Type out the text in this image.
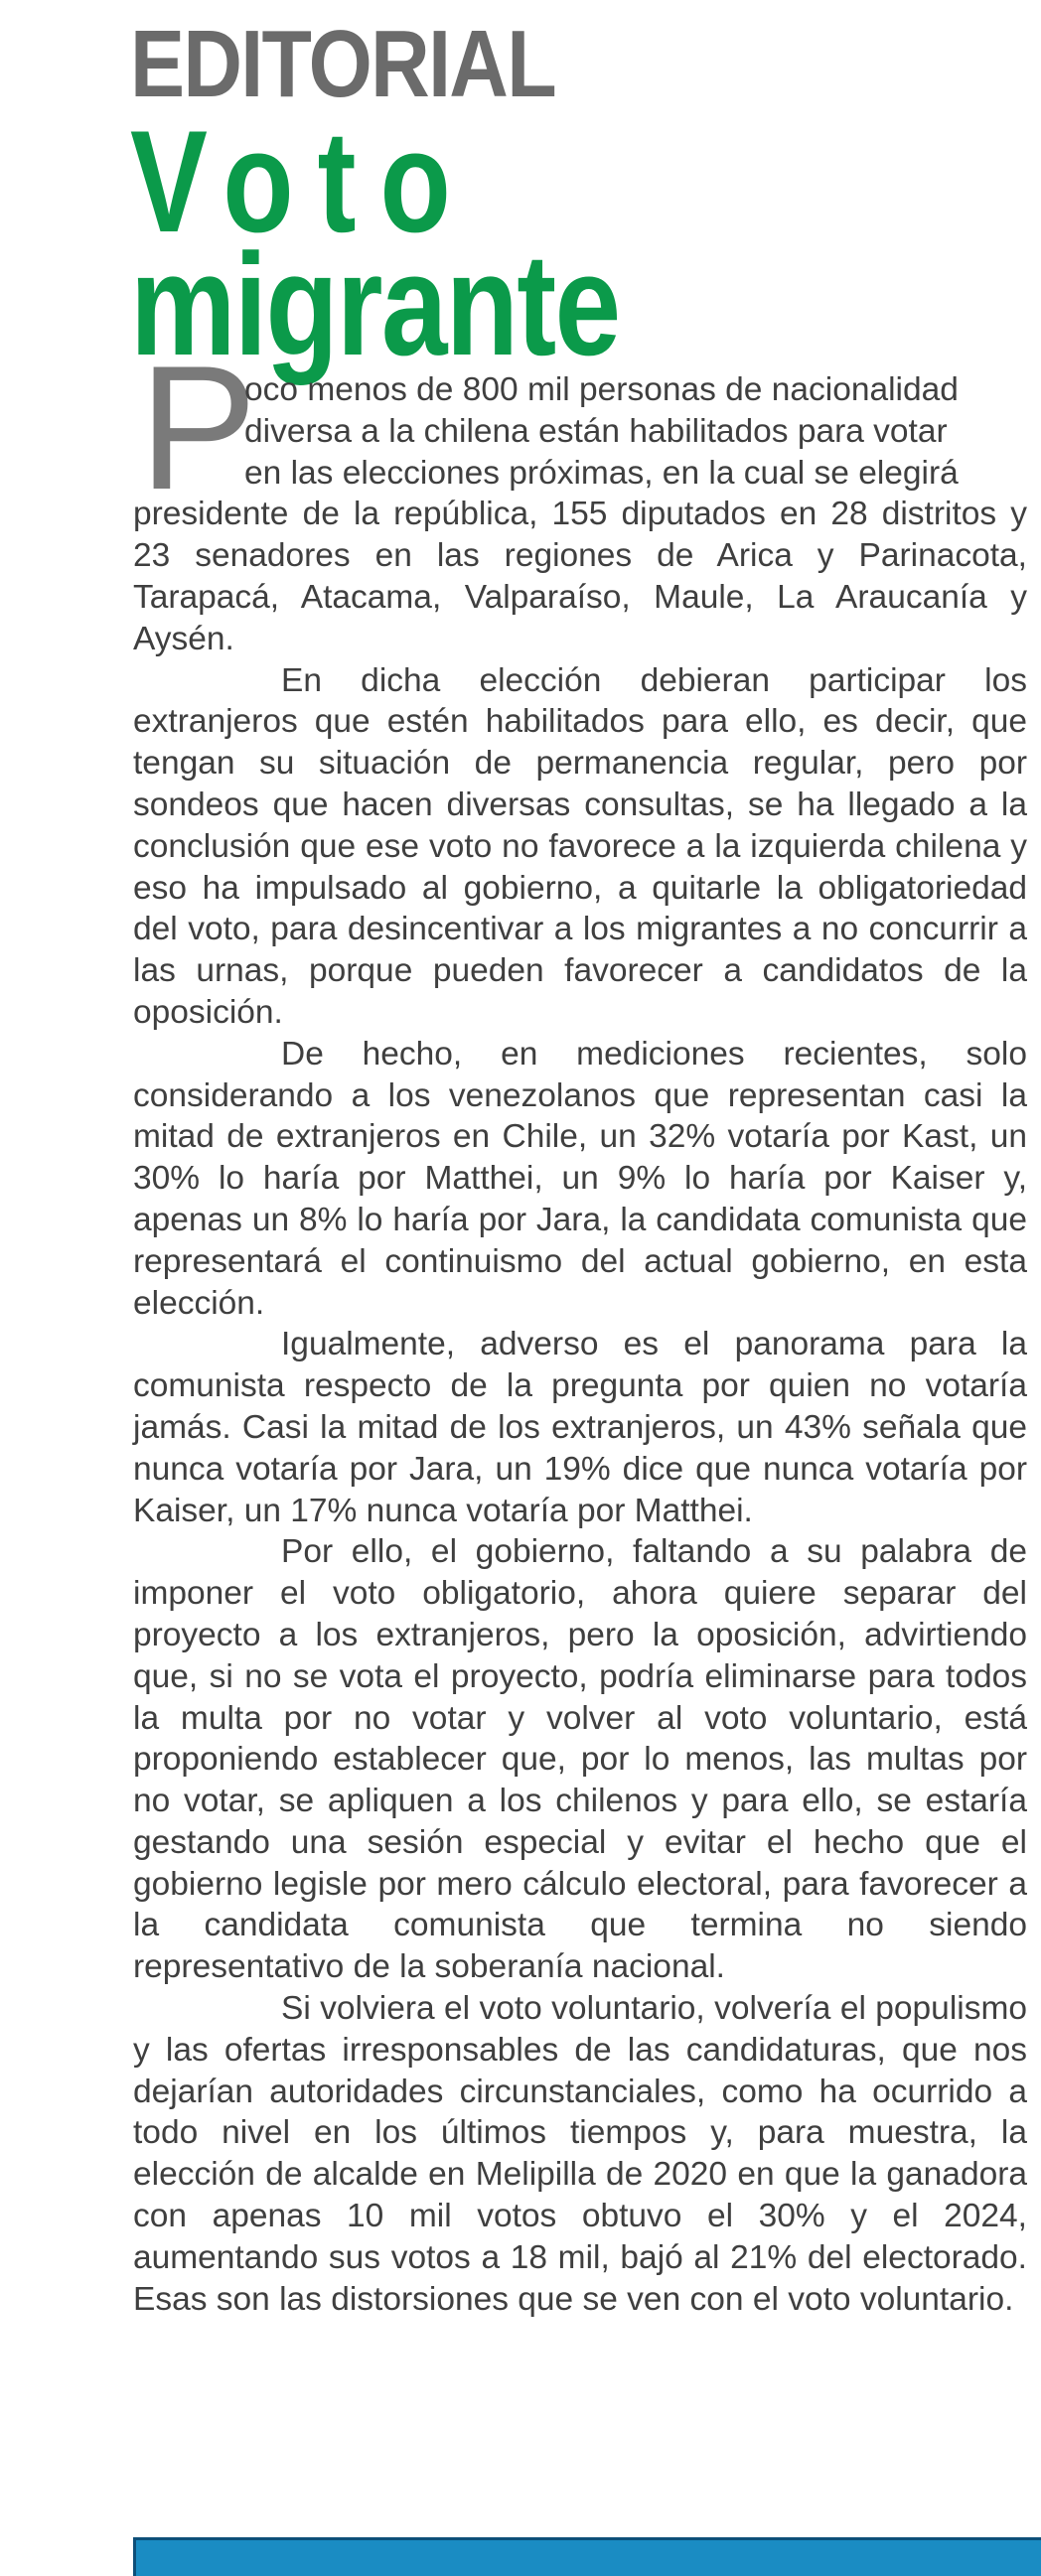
EDITORIAL
Voto
migrante
P

oco menos de 800 mil personas de nacionalidad

diversa a la chilena están habilitados para votar

en las elecciones próximas, en la cual se elegirá

presidente de la república, 155 diputados en 28 distritos y 23 senadores en las regiones de Arica y Parinacota, Tarapacá, Atacama, Valparaíso, Maule, La Araucanía y Aysén.

En dicha elección debieran participar los extranjeros que estén habilitados para ello, es decir, que tengan su situación de permanencia regular, pero por sondeos que hacen diversas consultas, se ha llegado a la conclusión que ese voto no favorece a la izquierda chilena y eso ha impulsado al gobierno, a quitarle la obligatoriedad del voto, para desincentivar a los migrantes a no concurrir a las urnas, porque pueden favorecer a candidatos de la oposición.

De hecho, en mediciones recientes, solo considerando a los venezolanos que representan casi la mitad de extranjeros en Chile, un 32% votaría por Kast, un 30% lo haría por Matthei, un 9% lo haría por Kaiser y, apenas un 8% lo haría por Jara, la candidata comunista que representará el continuismo del actual gobierno, en esta elección.

Igualmente, adverso es el panorama para la comunista respecto de la pregunta por quien no votaría jamás. Casi la mitad de los extranjeros, un 43% señala que nunca votaría por Jara, un 19% dice que nunca votaría por Kaiser, un 17% nunca votaría por Matthei.

Por ello, el gobierno, faltando a su palabra de imponer el voto obligatorio, ahora quiere separar del proyecto a los extranjeros, pero la oposición, advirtiendo que, si no se vota el proyecto, podría eliminarse para todos la multa por no votar y volver al voto voluntario, está proponiendo establecer que, por lo menos, las multas por no votar, se apliquen a los chilenos y para ello, se estaría gestando una sesión especial y evitar el hecho que el gobierno legisle por mero cálculo electoral, para favorecer a la candidata comunista que termina no siendo representativo de la soberanía nacional.

Si volviera el voto voluntario, volvería el populismo y las ofertas irresponsables de las candidaturas, que nos dejarían autoridades circunstanciales, como ha ocurrido a todo nivel en los últimos tiempos y, para muestra, la elección de alcalde en Melipilla de 2020 en que la ganadora con apenas 10 mil votos obtuvo el 30% y el 2024, aumentando sus votos a 18 mil, bajó al 21% del electorado. Esas son las distorsiones que se ven con el voto voluntario.
